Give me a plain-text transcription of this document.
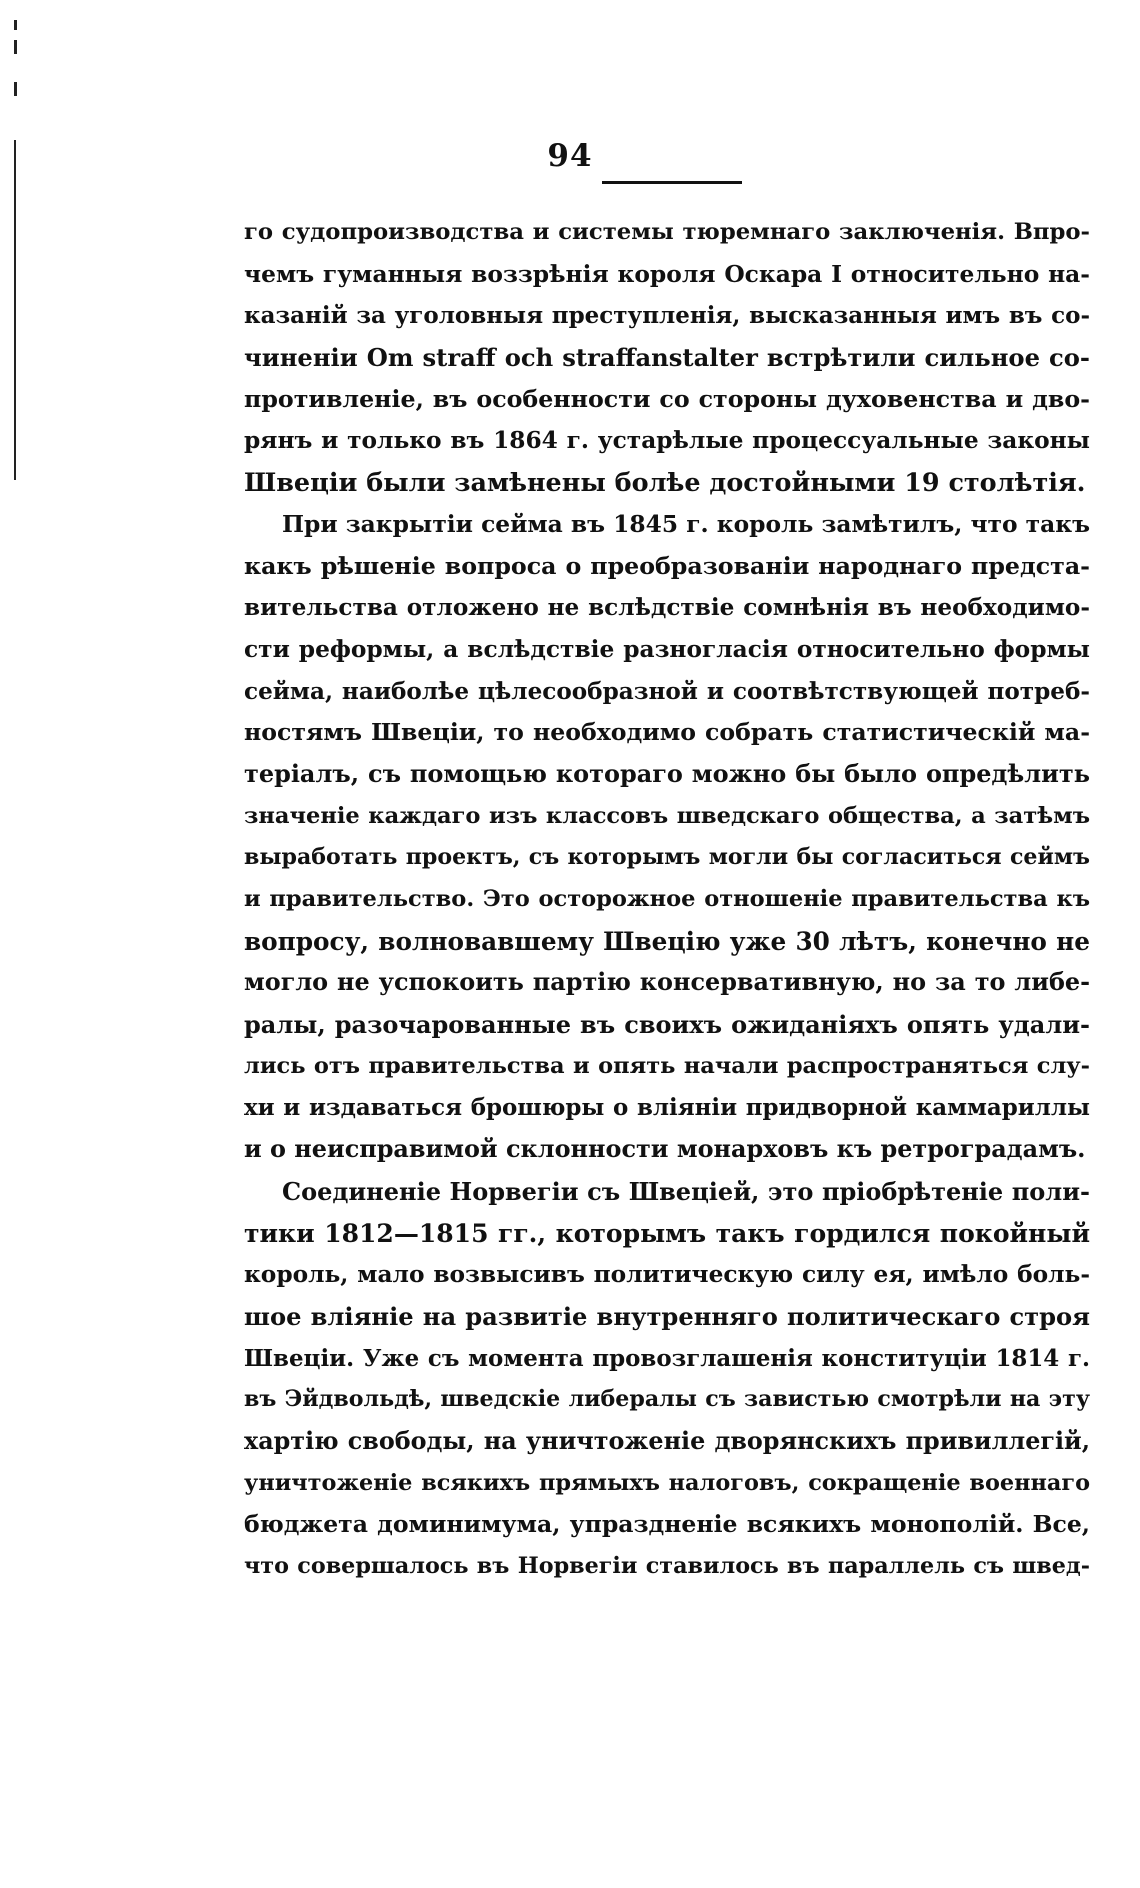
94
го судопроизводства и системы тюремнаго заключенія. Впро-
чемъ гуманныя воззрѣнія короля Оскара I относительно на-
казаній за уголовныя преступленія, высказанныя имъ въ со-
чиненіи Om straff och straffanstalter встрѣтили сильное со-
противленіе, въ особенности со стороны духовенства и дво-
рянъ и только въ 1864 г. устарѣлые процессуальные законы
Швеціи были замѣнены болѣе достойными 19 столѣтія.
При закрытіи сейма въ 1845 г. король замѣтилъ, что такъ
какъ рѣшеніе вопроса о преобразованіи народнаго предста-
вительства отложено не вслѣдствіе сомнѣнія въ необходимо-
сти реформы, а вслѣдствіе разногласія относительно формы
сейма, наиболѣе цѣлесообразной и соотвѣтствующей потреб-
ностямъ Швеціи, то необходимо собрать статистическій ма-
теріалъ, съ помощью котораго можно бы было опредѣлить
значеніе каждаго изъ классовъ шведскаго общества, а затѣмъ
выработать проектъ, съ которымъ могли бы согласиться сеймъ
и правительство. Это осторожное отношеніе правительства къ
вопросу, волновавшему Швецію уже 30 лѣтъ, конечно не
могло не успокоить партію консервативную, но за то либе-
ралы, разочарованные въ своихъ ожиданіяхъ опять удали-
лись отъ правительства и опять начали распространяться слу-
хи и издаваться брошюры о вліяніи придворной каммариллы
и о неисправимой склонности монарховъ къ ретроградамъ.
Соединеніе Норвегіи съ Швеціей, это пріобрѣтеніе поли-
тики 1812—1815 гг., которымъ такъ гордился покойный
король, мало возвысивъ политическую силу ея, имѣло боль-
шое вліяніе на развитіе внутренняго политическаго строя
Швеціи. Уже съ момента провозглашенія конституціи 1814 г.
въ Эйдвольдѣ, шведскіе либералы съ завистью смотрѣли на эту
хартію свободы, на уничтоженіе дворянскихъ привиллегій,
уничтоженіе всякихъ прямыхъ налоговъ, сокращеніе военнаго
бюджета доминимума, упраздненіе всякихъ монополій. Все,
что совершалось въ Норвегіи ставилось въ параллель съ швед-
